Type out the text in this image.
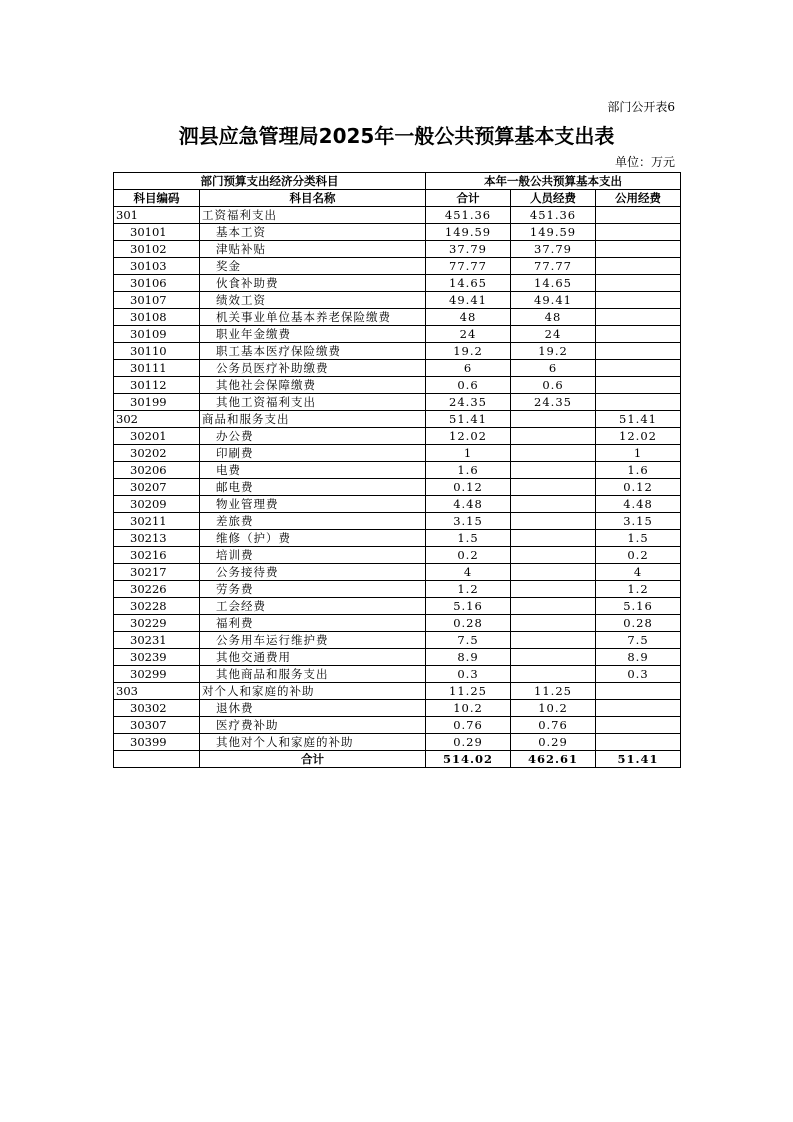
部门公开表6
泗县应急管理局2025年一般公共预算基本支出表
单位：万元
部门预算支出经济分类科目		本年一般公共预算基本支出		
科目编码	科目名称	合计	人员经费	公用经费
301	工资福利支出	451.36	451.36	
30101	基本工资	149.59	149.59	
30102	津贴补贴	37.79	37.79	
30103	奖金	77.77	77.77	
30106	伙食补助费	14.65	14.65	
30107	绩效工资	49.41	49.41	
30108	机关事业单位基本养老保险缴费	48	48	
30109	职业年金缴费	24	24	
30110	职工基本医疗保险缴费	19.2	19.2	
30111	公务员医疗补助缴费	6	6	
30112	其他社会保障缴费	0.6	0.6	
30199	其他工资福利支出	24.35	24.35	
302	商品和服务支出	51.41		51.41
30201	办公费	12.02		12.02
30202	印刷费	1		1
30206	电费	1.6		1.6
30207	邮电费	0.12		0.12
30209	物业管理费	4.48		4.48
30211	差旅费	3.15		3.15
30213	维修（护）费	1.5		1.5
30216	培训费	0.2		0.2
30217	公务接待费	4		4
30226	劳务费	1.2		1.2
30228	工会经费	5.16		5.16
30229	福利费	0.28		0.28
30231	公务用车运行维护费	7.5		7.5
30239	其他交通费用	8.9		8.9
30299	其他商品和服务支出	0.3		0.3
303	对个人和家庭的补助	11.25	11.25	
30302	退休费	10.2	10.2	
30307	医疗费补助	0.76	0.76	
30399	其他对个人和家庭的补助	0.29	0.29	
	合计	514.02	462.61	51.41
